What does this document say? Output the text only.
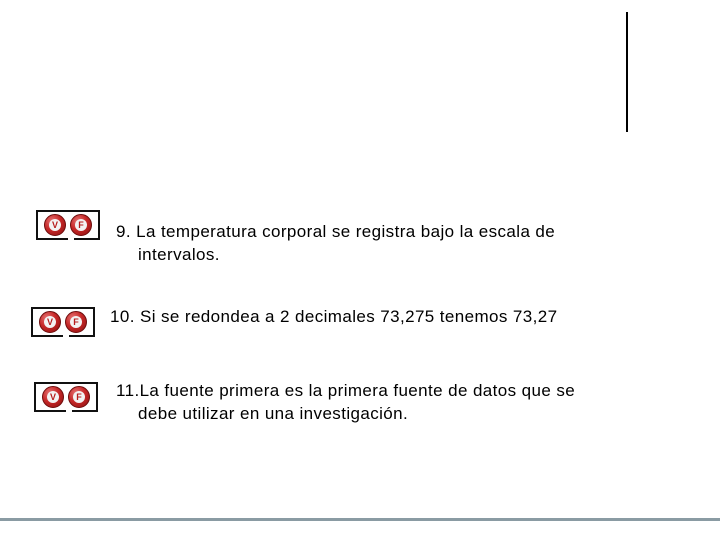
V	F 9. La temperatura corporal se registra bajo la escala de
intervalos.
V	F 10. Si se redondea a 2 decimales 73,275 tenemos 73,27
V	F 11.La fuente primera es la primera fuente de datos que se
debe utilizar en una investigación.
